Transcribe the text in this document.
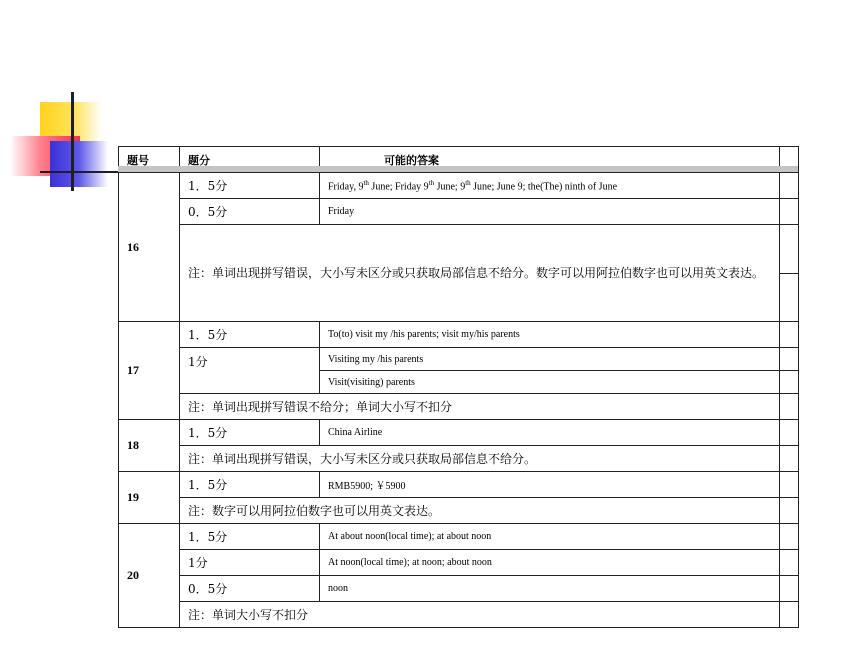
题号	题分	可能的答案	
16	1．5分	Friday, 9th June; Friday 9th June; 9th June; June 9; the(The) ninth of June	
	0．5分	Friday	
	注：单词出现拼写错误，大小写未区分或只获取局部信息不给分。数字可以用阿拉伯数字也可以用英文表达。		
17	1．5分	To(to) visit my /his parents; visit my/his parents	
	1分	Visiting my /his parents	
		Visit(visiting) parents	
	注：单词出现拼写错误不给分；单词大小写不扣分		
18	1．5分	China Airline	
	注：单词出现拼写错误，大小写未区分或只获取局部信息不给分。		
19	1．5分	RMB5900; ￥5900	
	注：数字可以用阿拉伯数字也可以用英文表达。		
20	1．5分	At about noon(local time); at about noon	
	1分	At noon(local time); at noon; about noon	
	0．5分	noon	
	注：单词大小写不扣分		
